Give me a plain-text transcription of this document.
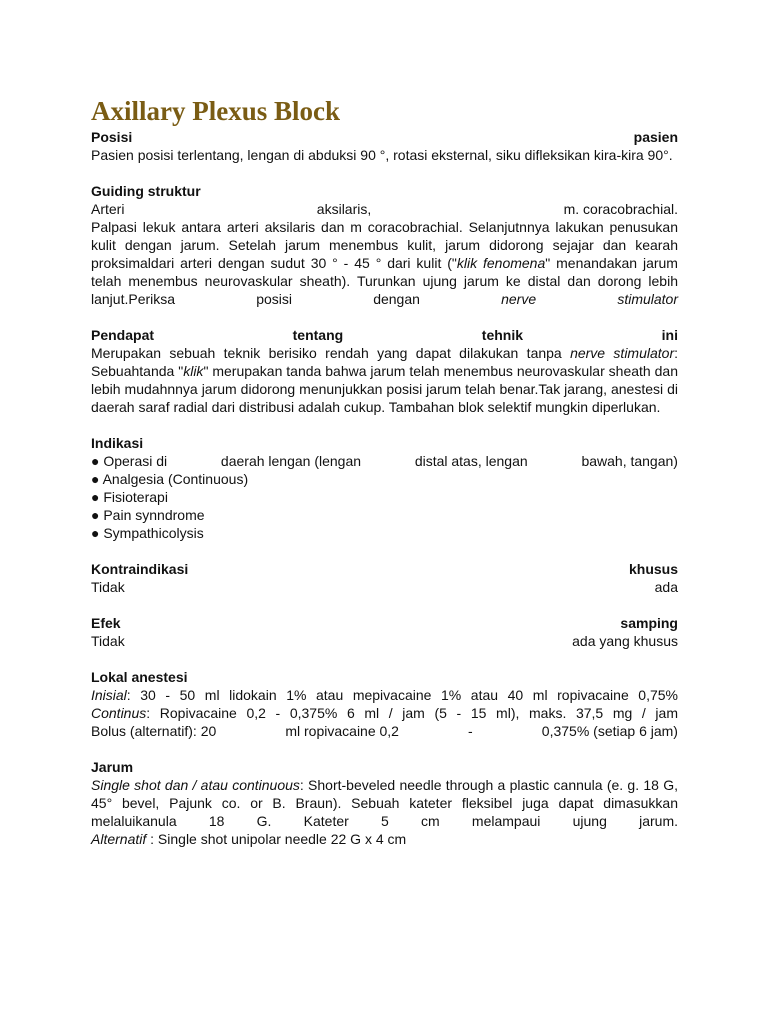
Axillary Plexus Block
Posisi	pasien

Pasien posisi terlentang, lengan di abduksi 90 °, rotasi eksternal, siku difleksikan kira-kira 90°.

Guiding struktur
Arteri	aksilaris,	m. coracobrachial.

Palpasi lekuk antara arteri aksilaris dan m coracobrachial. Selanjutnnya lakukan penusukan kulit dengan jarum. Setelah jarum menembus kulit, jarum didorong sejajar dan kearah proksimaldari arteri dengan sudut 30 ° - 45 ° dari kulit ("klik fenomena" menandakan jarum telah menembus neurovaskular sheath). Turunkan ujung jarum ke distal dan dorong lebih lanjut.Periksa posisi dengan nerve stimulator

Pendapat	tentang	tehnik	ini

Merupakan sebuah teknik berisiko rendah yang dapat dilakukan tanpa nerve stimulator: Sebuahtanda "klik" merupakan tanda bahwa jarum telah menembus neurovaskular sheath dan lebih mudahnnya jarum didorong menunjukkan posisi jarum telah benar.Tak jarang, anestesi di daerah saraf radial dari distribusi adalah cukup. Tambahan blok selektif mungkin diperlukan.

Indikasi
● Operasi di	daerah lengan (lengan	distal atas, lengan	bawah, tangan)
● Analgesia (Continuous)
● Fisioterapi
● Pain synndrome
● Sympathicolysis
Kontraindikasi	khusus
Tidak	ada
Efek	samping
Tidak	ada yang khusus
Lokal anestesi

Inisial: 30 - 50 ml lidokain 1% atau mepivacaine 1% atau 40 ml ropivacaine 0,75%

Continus: Ropivacaine 0,2 - 0,375% 6 ml / jam (5 - 15 ml), maks. 37,5 mg / jam

Bolus (alternatif): 20	ml ropivacaine 0,2	-	0,375% (setiap 6 jam)
Jarum

Single shot dan / atau continuous: Short-beveled needle through a plastic cannula (e. g. 18 G, 45° bevel, Pajunk co. or B. Braun). Sebuah kateter fleksibel juga dapat dimasukkan melaluikanula 18 G. Kateter 5 cm melampaui ujung jarum.

Alternatif : Single shot unipolar needle 22 G x 4 cm
